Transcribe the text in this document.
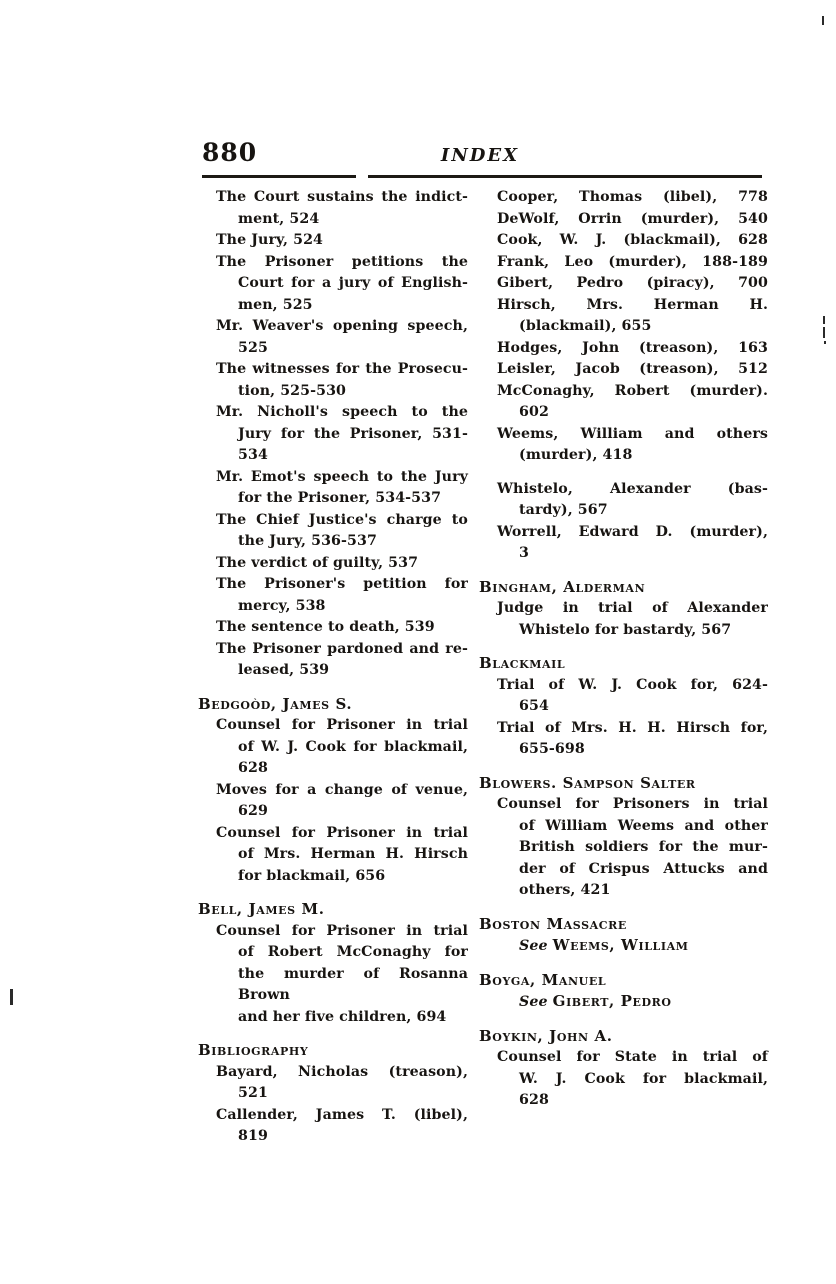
880	INDEX
The Court sustains the indict-
ment, 524
The Jury, 524
The Prisoner petitions the
Court for a jury of English-
men, 525
Mr. Weaver's opening speech,
525
The witnesses for the Prosecu-
tion, 525-530
Mr. Nicholl's speech to the
Jury for the Prisoner, 531-
534
Mr. Emot's speech to the Jury
for the Prisoner, 534-537
The Chief Justice's charge to
the Jury, 536-537
The verdict of guilty, 537
The Prisoner's petition for
mercy, 538
The sentence to death, 539
The Prisoner pardoned and re-
leased, 539
Bedgoòd, James S.
Counsel for Prisoner in trial
of W. J. Cook for blackmail,
628
Moves for a change of venue,
629
Counsel for Prisoner in trial
of Mrs. Herman H. Hirsch
for blackmail, 656
Bell, James M.
Counsel for Prisoner in trial
of Robert McConaghy for
the murder of Rosanna Brown
and her five children, 694
Bibliography
Bayard, Nicholas (treason),
521
Callender, James T. (libel),
819
Cooper, Thomas (libel), 778
DeWolf, Orrin (murder), 540
Cook, W. J. (blackmail), 628
Frank, Leo (murder), 188-189
Gibert, Pedro (piracy), 700
Hirsch, Mrs. Herman H.
(blackmail), 655
Hodges, John (treason), 163
Leisler, Jacob (treason), 512
McConaghy, Robert (murder).
602
Weems, William and others
(murder), 418
Whistelo, Alexander (bas-
tardy), 567
Worrell, Edward D. (murder),
3
Bingham, Alderman
Judge in trial of Alexander
Whistelo for bastardy, 567
Blackmail
Trial of W. J. Cook for, 624-
654
Trial of Mrs. H. H. Hirsch for,
655-698
Blowers. Sampson Salter
Counsel for Prisoners in trial
of William Weems and other
British soldiers for the mur-
der of Crispus Attucks and
others, 421
Boston Massacre
See Weems, William
Boyga, Manuel
See Gibert, Pedro
Boykin, John A.
Counsel for State in trial of
W. J. Cook for blackmail,
628
